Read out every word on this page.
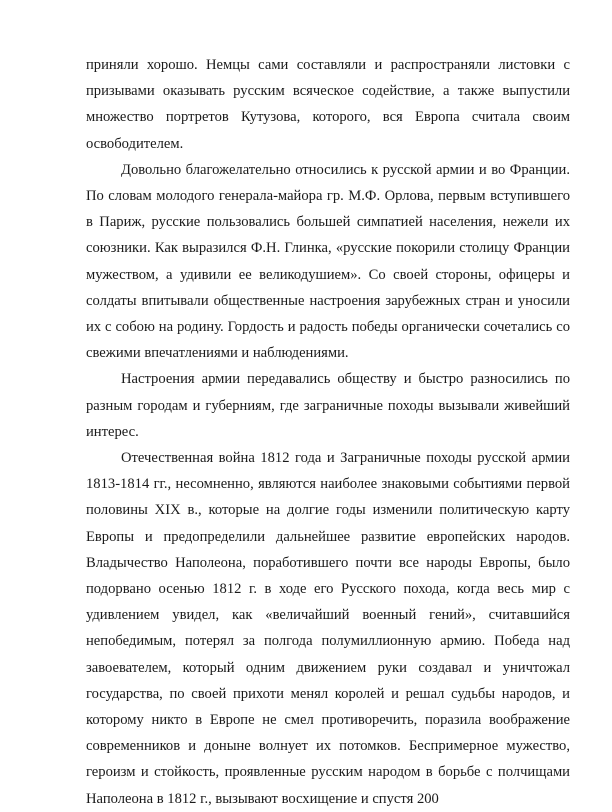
приняли хорошо. Немцы сами составляли и распространяли листовки с призывами оказывать русским всяческое содействие, а также выпустили множество портретов Кутузова, которого, вся Европа считала своим освободителем.

Довольно благожелательно относились к русской армии и во Франции. По словам молодого генерала-майора гр. М.Ф. Орлова, первым вступившего в Париж, русские пользовались большей симпатией населения, нежели их союзники. Как выразился Ф.Н. Глинка, «русские покорили столицу Франции мужеством, а удивили ее великодушием». Со своей стороны, офицеры и солдаты впитывали общественные настроения зарубежных стран и уносили их с собою на родину. Гордость и радость победы органически сочетались со свежими впечатлениями и наблюдениями.

Настроения армии передавались обществу и быстро разносились по разным городам и губерниям, где заграничные походы вызывали живейший интерес.

Отечественная война 1812 года и Заграничные походы русской армии 1813-1814 гг., несомненно, являются наиболее знаковыми событиями первой половины XIX в., которые на долгие годы изменили политическую карту Европы и предопределили дальнейшее развитие европейских народов. Владычество Наполеона, поработившего почти все народы Европы, было подорвано осенью 1812 г. в ходе его Русского похода, когда весь мир с удивлением увидел, как «величайший военный гений», считавшийся непобедимым, потерял за полгода полумиллионную армию. Победа над завоевателем, который одним движением руки создавал и уничтожал государства, по своей прихоти менял королей и решал судьбы народов, и которому никто в Европе не смел противоречить, поразила воображение современников и доныне волнует их потомков. Беспримерное мужество, героизм и стойкость, проявленные русским народом в борьбе с полчищами Наполеона в 1812 г., вызывают восхищение и спустя 200
